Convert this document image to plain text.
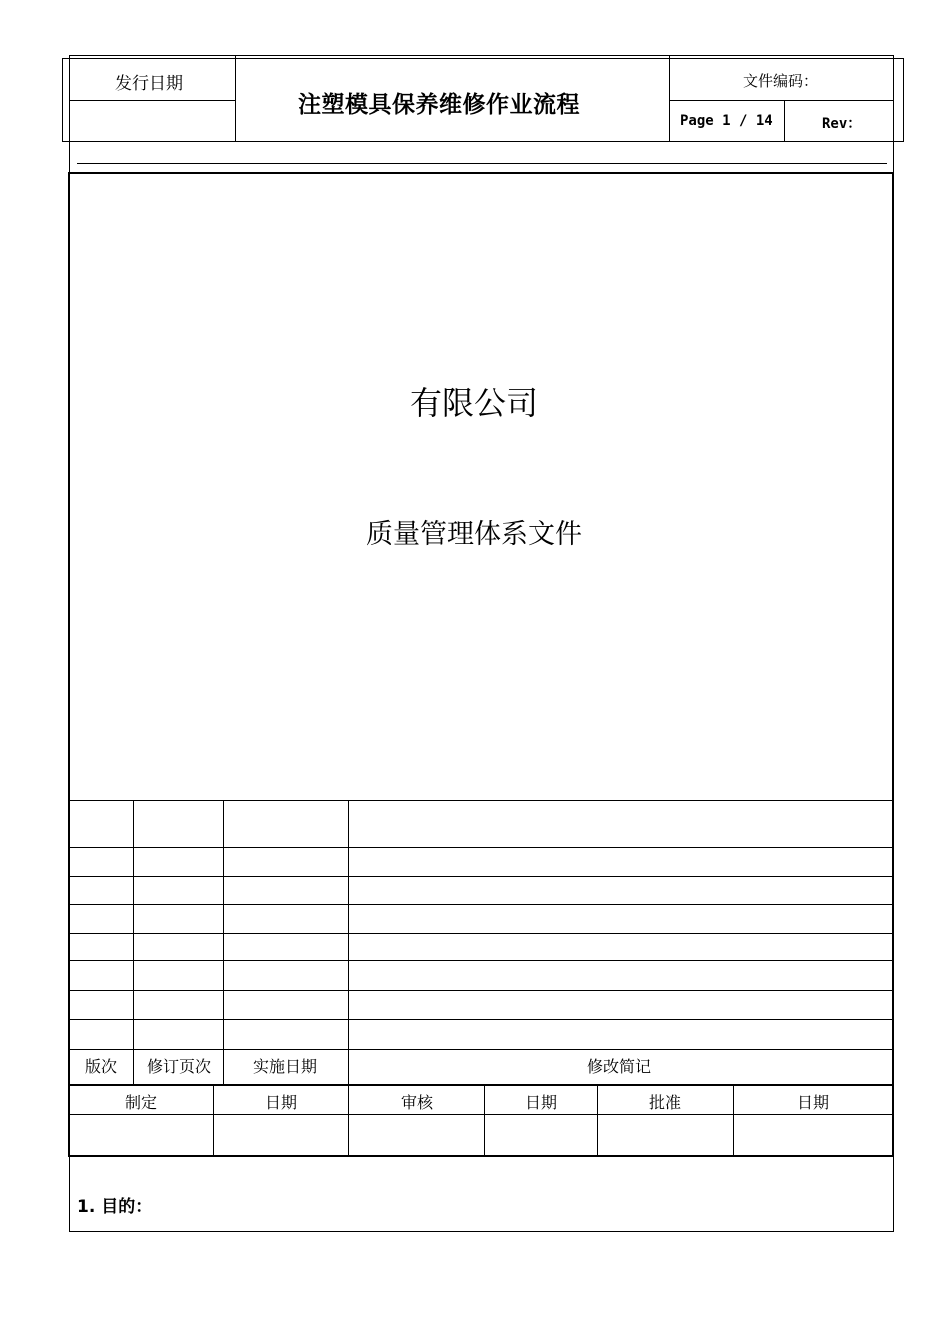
发行日期
注塑模具保养维修作业流程
文件编码：
Page 1 / 14	Rev：
有限公司
质量管理体系文件
版次 修订页次	实施日期	修改简记
制定	日期	审核	日期	批准	日期
1. 目的：
